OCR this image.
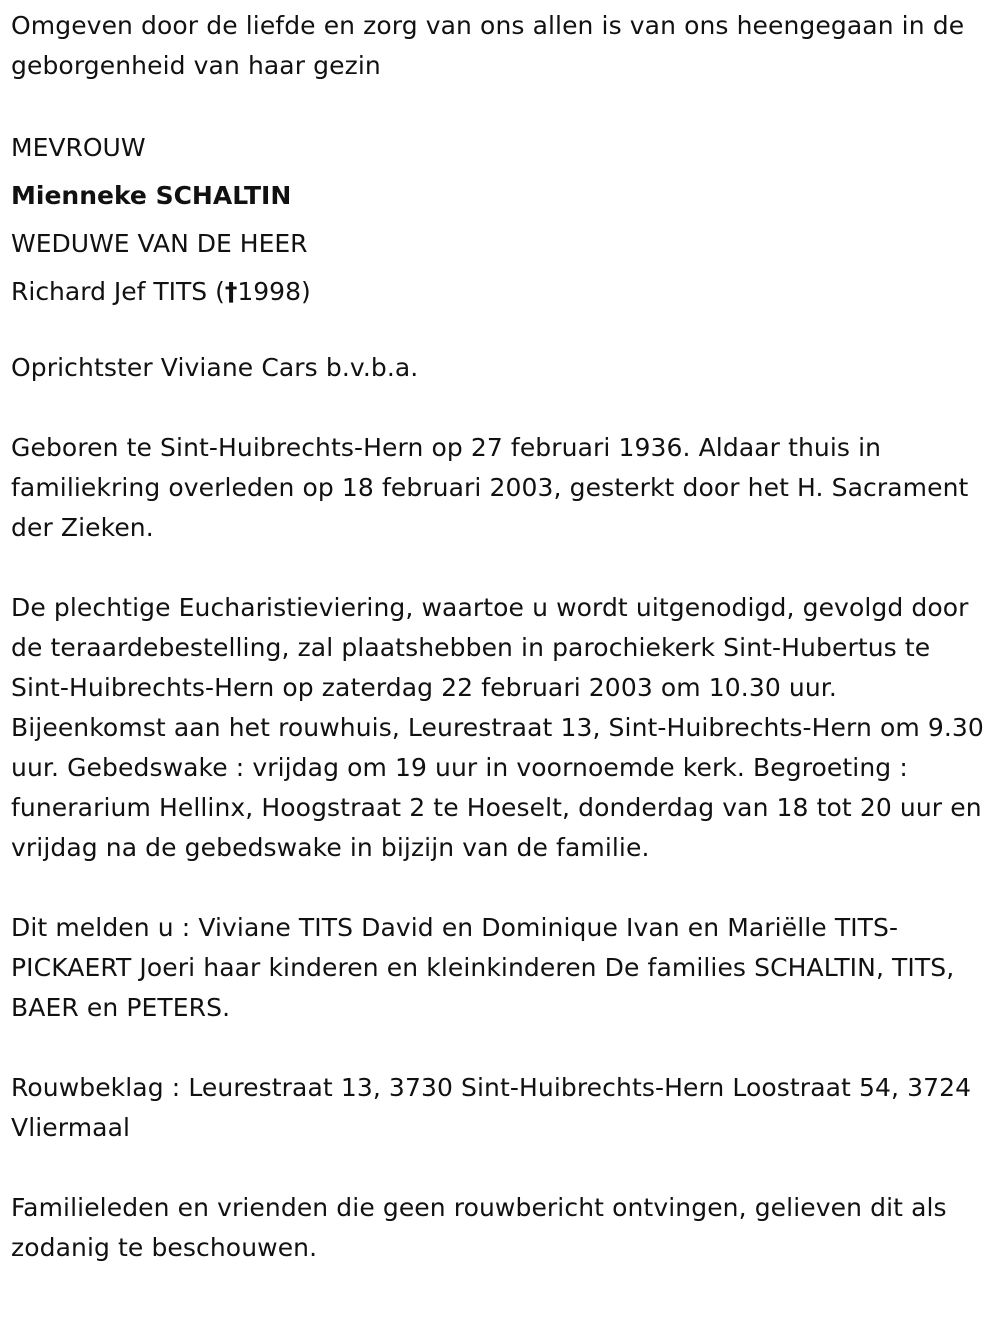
Omgeven door de liefde en zorg van ons allen is van ons heengegaan in de geborgenheid van haar gezin

MEVROUW
Mienneke SCHALTIN
WEDUWE VAN DE HEER
Richard Jef TITS (†1998)

Oprichtster Viviane Cars b.v.b.a.

Geboren te Sint-Huibrechts-Hern op 27 februari 1936. Aldaar thuis in familiekring overleden op 18 februari 2003, gesterkt door het H. Sacrament der Zieken.

De plechtige Eucharistieviering, waartoe u wordt uitgenodigd, gevolgd door de teraardebestelling, zal plaatshebben in parochiekerk Sint-Hubertus te Sint-Huibrechts-Hern op zaterdag 22 februari 2003 om 10.30 uur. Bijeenkomst aan het rouwhuis, Leurestraat 13, Sint-Huibrechts-Hern om 9.30 uur. Gebedswake : vrijdag om 19 uur in voornoemde kerk. Begroeting : funerarium Hellinx, Hoogstraat 2 te Hoeselt, donderdag van 18 tot 20 uur en vrijdag na de gebedswake in bijzijn van de familie.

Dit melden u : Viviane TITS David en Dominique Ivan en Mariëlle TITS-PICKAERT Joeri haar kinderen en kleinkinderen De families SCHALTIN, TITS, BAER en PETERS.

Rouwbeklag : Leurestraat 13, 3730 Sint-Huibrechts-Hern Loostraat 54, 3724 Vliermaal

Familieleden en vrienden die geen rouwbericht ontvingen, gelieven dit als zodanig te beschouwen.
